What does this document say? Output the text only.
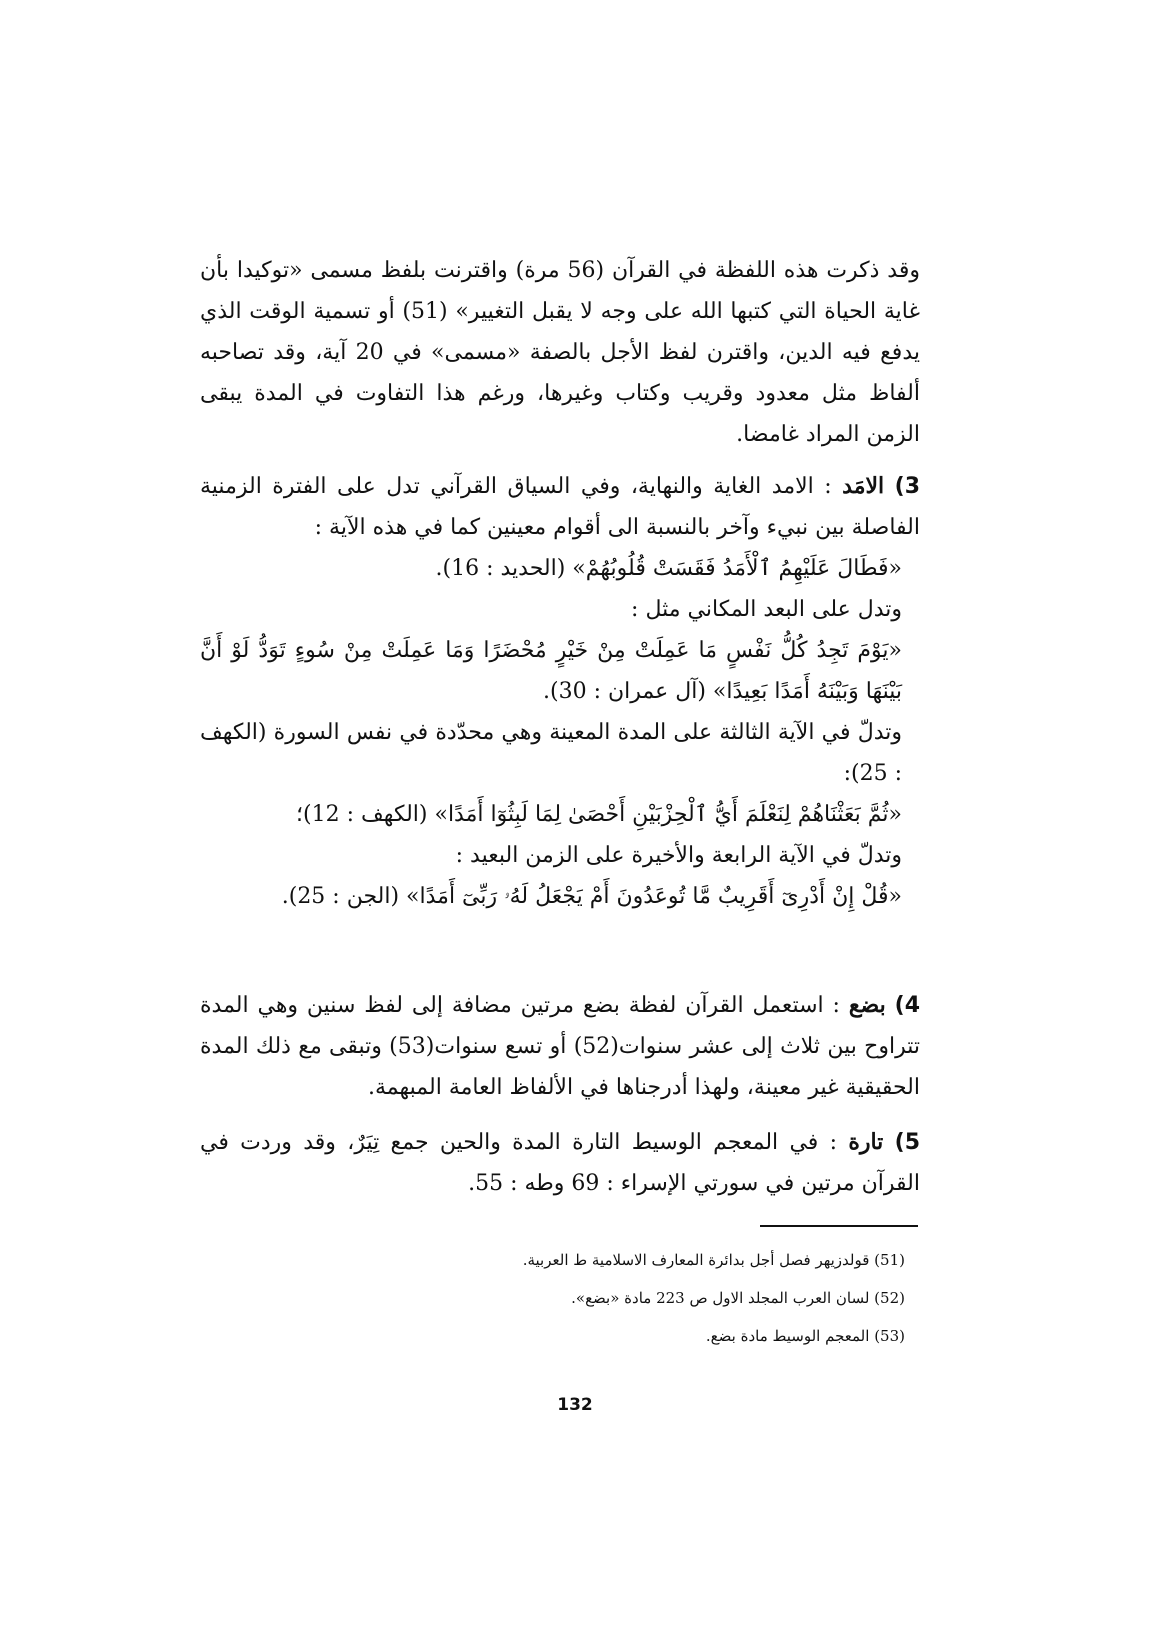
وقد ذكرت هذه اللفظة في القرآن (56 مرة) واقترنت بلفظ مسمى «توكيدا بأن غاية الحياة التي كتبها الله على وجه لا يقبل التغيير» (51) أو تسمية الوقت الذي يدفع فيه الدين، واقترن لفظ الأجل بالصفة «مسمى» في 20 آية، وقد تصاحبه ألفاظ مثل معدود وقريب وكتاب وغيرها، ورغم هذا التفاوت في المدة يبقى الزمن المراد غامضا.
3) الامَد : الامد الغاية والنهاية، وفي السياق القرآني تدل على الفترة الزمنية الفاصلة بين نبيء وآخر بالنسبة الى أقوام معينين كما في هذه الآية :
«فَطَالَ عَلَيْهِمُ ٱلْأَمَدُ فَقَسَتْ قُلُوبُهُمْ» (الحديد : 16).
وتدل على البعد المكاني مثل :
«يَوْمَ تَجِدُ كُلُّ نَفْسٍ مَا عَمِلَتْ مِنْ خَيْرٍ مُحْضَرًا وَمَا عَمِلَتْ مِنْ سُوءٍ تَوَدُّ لَوْ أَنَّ بَيْنَهَا وَبَيْنَهُ أَمَدًا بَعِيدًا» (آل عمران : 30).
وتدلّ في الآية الثالثة على المدة المعينة وهي محدّدة في نفس السورة (الكهف : 25):
«ثُمَّ بَعَثْنَاهُمْ لِنَعْلَمَ أَيُّ ٱلْحِزْبَيْنِ أَحْصَىٰ لِمَا لَبِثُوٓا أَمَدًا» (الكهف : 12)؛
وتدلّ في الآية الرابعة والأخيرة على الزمن البعيد :
«قُلْ إِنْ أَدْرِىٓ أَقَرِيبٌ مَّا تُوعَدُونَ أَمْ يَجْعَلُ لَهُۥ رَبِّىٓ أَمَدًا» (الجن : 25).
4) بضع : استعمل القرآن لفظة بضع مرتين مضافة إلى لفظ سنين وهي المدة تتراوح بين ثلاث إلى عشر سنوات(52) أو تسع سنوات(53) وتبقى مع ذلك المدة الحقيقية غير معينة، ولهذا أدرجناها في الألفاظ العامة المبهمة.
5) تارة : في المعجم الوسيط التارة المدة والحين جمع تِيَرٌ، وقد وردت في القرآن مرتين في سورتي الإسراء : 69 وطه : 55.
(51) قولدزيهر فصل أجل بدائرة المعارف الاسلامية ط العربية.
(52) لسان العرب المجلد الاول ص 223 مادة «بضع».
(53) المعجم الوسيط مادة بضع.
132
